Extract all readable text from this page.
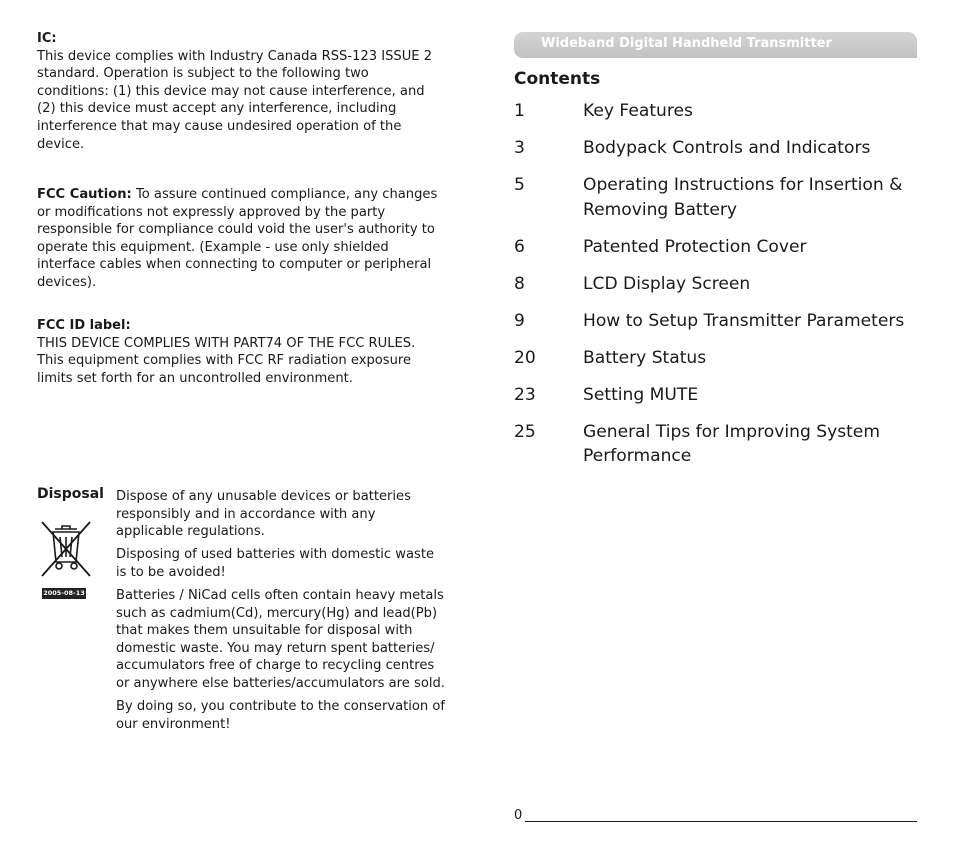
IC:

This device complies with Industry Canada RSS-123 ISSUE 2 standard. Operation is subject to the following two conditions: (1) this device may not cause interference, and (2) this device must accept any interference, including interference that may cause undesired operation of the device.

FCC Caution: To assure continued compliance, any changes or modifications not expressly approved by the party responsible for compliance could void the user's authority to operate this equipment. (Example - use only shielded interface cables when connecting to computer or peripheral devices).

FCC ID label:

THIS DEVICE COMPLIES WITH PART74 OF THE FCC RULES. This equipment complies with FCC RF radiation exposure limits set forth for an uncontrolled environment.

Disposal
2005-08-13

Dispose of any unusable devices or batteries responsibly and in accordance with any applicable regulations.

Disposing of used batteries with domestic waste is to be avoided!

Batteries / NiCad cells often contain heavy metals such as cadmium(Cd), mercury(Hg) and lead(Pb) that makes them unsuitable for disposal with domestic waste. You may return spent batteries/ accumulators free of charge to recycling centres or anywhere else batteries/accumulators are sold.

By doing so, you contribute to the conservation of our environment!

Wideband Digital Handheld Transmitter
Contents
1	Key Features
3	Bodypack Controls and Indicators
5	Operating Instructions for Insertion & Removing Battery
6	Patented Protection Cover
8	LCD Display Screen
9	How to Setup Transmitter Parameters
20	Battery Status
23	Setting MUTE
25	General Tips for Improving System Performance
0
